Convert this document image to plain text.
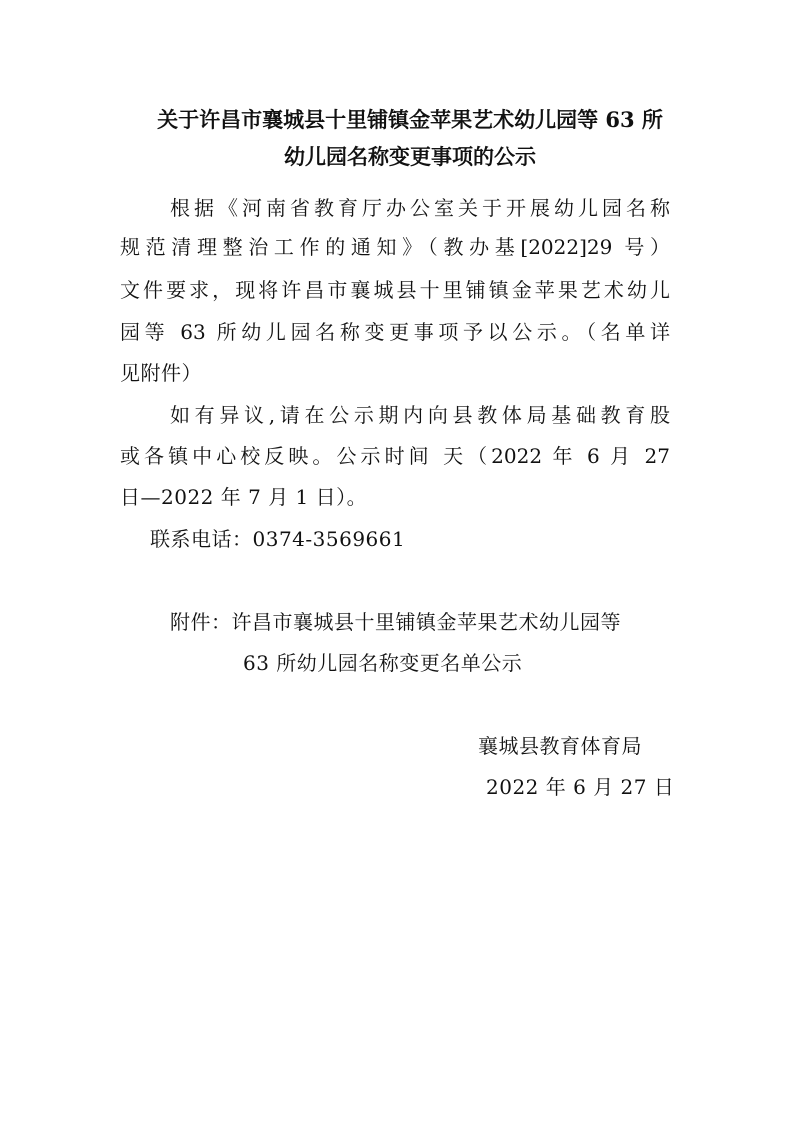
关于许昌市襄城县十里铺镇金苹果艺术幼儿园等 63 所
幼儿园名称变更事项的公示
根据《河南省教育厅办公室关于开展幼儿园名称
规范清理整治工作的通知》（教办基[2022]29 号）
文件要求，现将许昌市襄城县十里铺镇金苹果艺术幼儿
园等 63 所幼儿园名称变更事项予以公示。（名单详
见附件）
如有异议,请在公示期内向县教体局基础教育股
或各镇中心校反映。公示时间 天（2022 年 6 月 27
日—2022 年 7 月 1 日）。
联系电话：0374-3569661
附件：许昌市襄城县十里铺镇金苹果艺术幼儿园等
63 所幼儿园名称变更名单公示
襄城县教育体育局
2022 年 6 月 27 日
